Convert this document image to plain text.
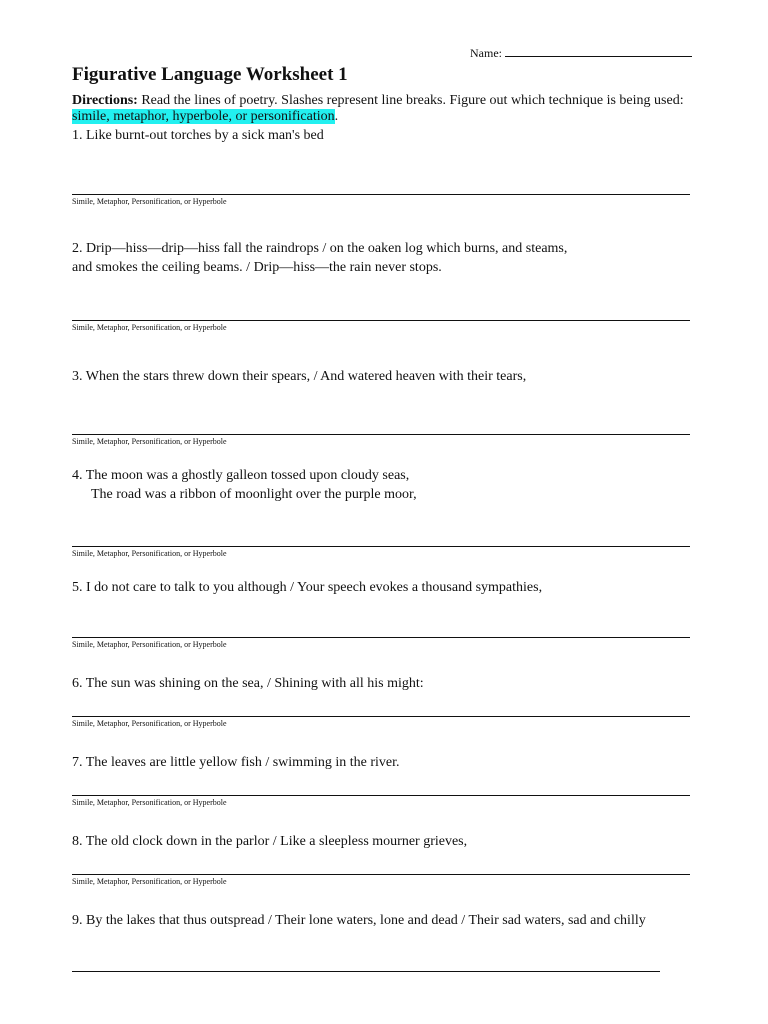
Name:
Figurative Language Worksheet 1
Directions: Read the lines of poetry. Slashes represent line breaks. Figure out which technique is being used:
simile, metaphor, hyperbole, or personification.
1. Like burnt-out torches by a sick man's bed
Simile, Metaphor, Personification, or Hyperbole
2. Drip—hiss—drip—hiss fall the raindrops / on the oaken log which burns, and steams,
and smokes the ceiling beams. / Drip—hiss—the rain never stops.
Simile, Metaphor, Personification, or Hyperbole
3. When the stars threw down their spears, / And watered heaven with their tears,
Simile, Metaphor, Personification, or Hyperbole
4. The moon was a ghostly galleon tossed upon cloudy seas,
The road was a ribbon of moonlight over the purple moor,
Simile, Metaphor, Personification, or Hyperbole
5. I do not care to talk to you although / Your speech evokes a thousand sympathies,
Simile, Metaphor, Personification, or Hyperbole
6. The sun was shining on the sea, / Shining with all his might:
Simile, Metaphor, Personification, or Hyperbole
7. The leaves are little yellow fish / swimming in the river.
Simile, Metaphor, Personification, or Hyperbole
8. The old clock down in the parlor / Like a sleepless mourner grieves,
Simile, Metaphor, Personification, or Hyperbole
9. By the lakes that thus outspread / Their lone waters, lone and dead / Their sad waters, sad and chilly
